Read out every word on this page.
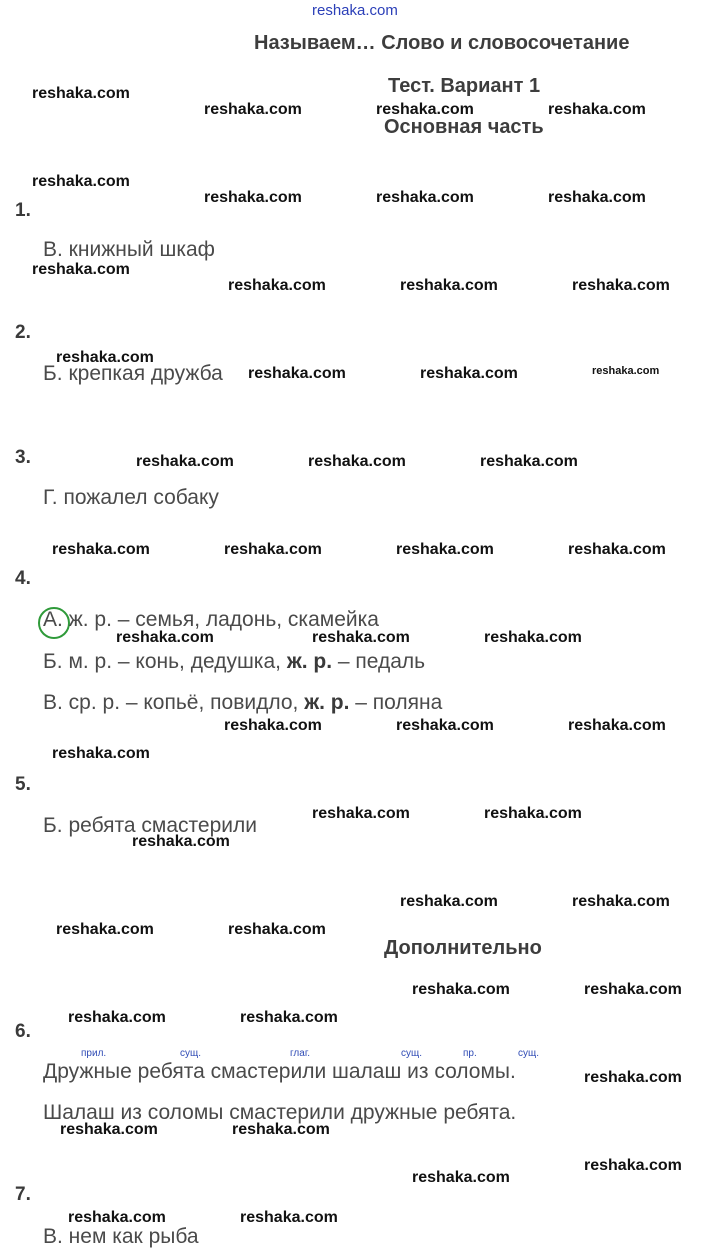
reshaka.com
Называем… Слово и словосочетание
Тест. Вариант 1
Основная часть
reshaka.com
reshaka.com	reshaka.com	reshaka.com
reshaka.com
reshaka.com	reshaka.com	reshaka.com
reshaka.com
reshaka.com	reshaka.com	reshaka.com
reshaka.com
reshaka.com	reshaka.com	reshaka.com
reshaka.com	reshaka.com	reshaka.com
reshaka.com	reshaka.com	reshaka.com	reshaka.com
reshaka.com	reshaka.com	reshaka.com
reshaka.com	reshaka.com	reshaka.com
reshaka.com
reshaka.com	reshaka.com
reshaka.com
reshaka.com	reshaka.com
reshaka.com	reshaka.com
reshaka.com	reshaka.com
reshaka.com	reshaka.com
reshaka.com
reshaka.com	reshaka.com
reshaka.com
reshaka.com
reshaka.com	reshaka.com
1.
2.
3.
4.
5.
6.
7.
В. книжный шкаф
Б. крепкая дружба
Г. пожалел собаку
А. ж. р. – семья, ладонь, скамейка
Б. м. р. – конь, дедушка, ж. р. – педаль
В. ср. р. – копьё, повидло, ж. р. – поляна
Б. ребята смастерили
Дополнительно
прил.	сущ.	глаг.	сущ.	пр.	сущ.
Дружные ребята смастерили шалаш из соломы.
Шалаш из соломы смастерили дружные ребята.
В. нем как рыба
